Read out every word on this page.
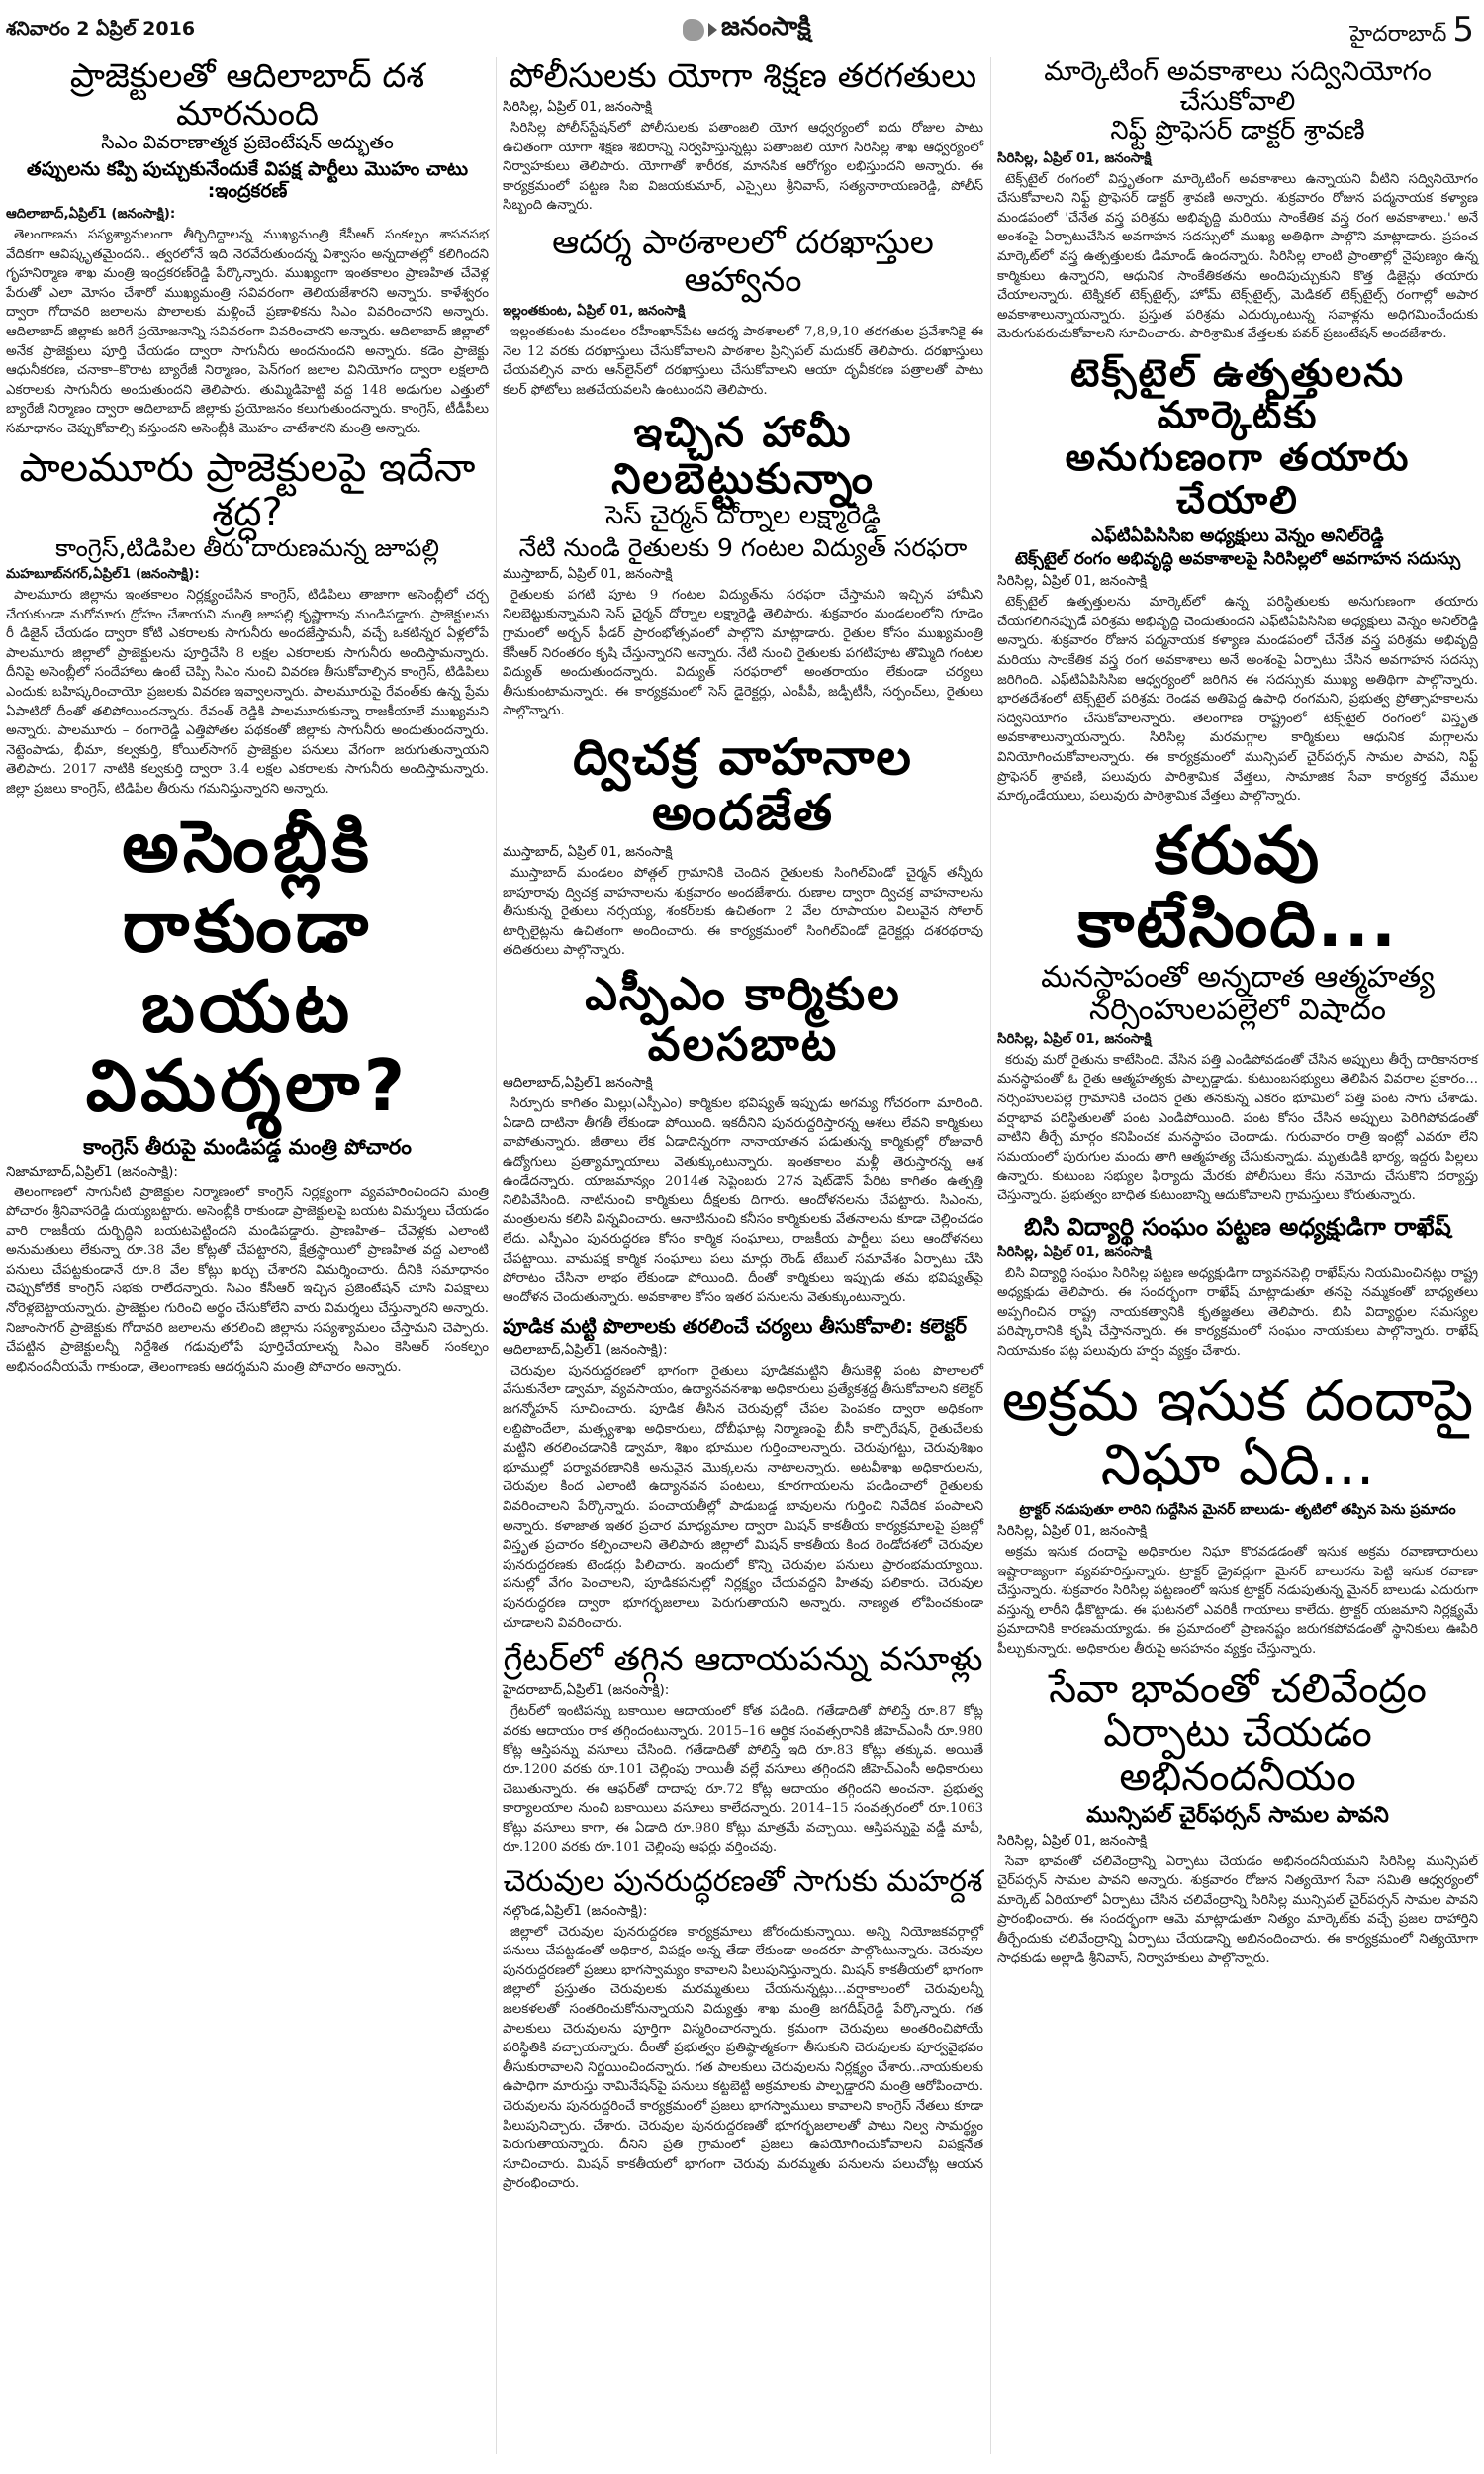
శనివారం 2 ఏప్రిల్ 2016	జనంసాక్షి	హైదరాబాద్ 5
ప్రాజెక్టులతో ఆదిలాబాద్ దశ మారనుంది
సిఎం వివరాణాత్మక ప్రజెంటేషన్ అద్భుతం
తప్పులను కప్పి పుచ్చుకునేందుకే విపక్ష పార్టీలు మొహం చాటు :ఇంద్రకరణ్
ఆదిలాబాద్,ఏప్రిల్1 (జనంసాక్షి):

తెలంగాణను సస్యశ్యామలంగా తీర్చిదిద్దాలన్న ముఖ్యమంత్రి కేసీఆర్ సంకల్పం శాసనసభ వేదికగా ఆవిష్కృతమైందని.. త్వరలోనే ఇది నెరవేరుతుందన్న విశ్వాసం అన్నదాతల్లో కలిగిందని గృహనిర్మాణ శాఖ మంత్రి ఇంద్రకరణ్‌రెడ్డి పేర్కొన్నారు. ముఖ్యంగా ఇంతకాలం ప్రాణహిత చేవెళ్ల పేరుతో ఎలా మోసం చేశారో ముఖ్యమంత్రి సవివరంగా తెలియజేశారని అన్నారు. కాళేశ్వరం ద్వారా గోదావరి జలాలను పొలాలకు మళ్లించే ప్రణాళికను సిఎం వివరించారని అన్నారు. ఆదిలాబాద్ జిల్లాకు జరిగే ప్రయోజనాన్ని సవివరంగా వివరించారని అన్నారు. ఆదిలాబాద్ జిల్లాలో అనేక ప్రాజెక్టులు పూర్తి చేయడం ద్వారా సాగునీరు అందనుందని అన్నారు. కడెం ప్రాజెక్టు ఆధునీకరణ, చనాకా–కొరాట బ్యారేజీ నిర్మాణం, పెన్‌గంగ జలాల వినియోగం ద్వారా లక్షలాది ఎకరాలకు సాగునీరు అందుతుందని తెలిపారు. తుమ్మిడిహెట్టి వద్ద 148 అడుగుల ఎత్తులో బ్యారేజీ నిర్మాణం ద్వారా ఆదిలాబాద్ జిల్లాకు ప్రయోజనం కలుగుతుందన్నారు. కాంగ్రెస్, టీడీపీలు సమాధానం చెప్పుకోవాల్సి వస్తుందని అసెంబ్లీకి మొహం చాటేశారని మంత్రి అన్నారు.

పాలమూరు ప్రాజెక్టులపై ఇదేనా శ్రద్ధ?
కాంగ్రెస్,టిడిపిల తీరు దారుణమన్న జూపల్లి
మహబూబ్‌నగర్,ఏప్రిల్1 (జనంసాక్షి):

పాలమూరు జిల్లాను ఇంతకాలం నిర్లక్ష్యంచేసిన కాంగ్రెస్, టిడిపిలు తాజాగా అసెంబ్లీలో చర్చ చేయకుండా మరోమారు ద్రోహం చేశాయని మంత్రి జూపల్లి కృష్ణారావు మండిపడ్డారు. ప్రాజెక్టులను రీ డిజైన్ చేయడం ద్వారా కోటి ఎకరాలకు సాగునీరు అందజేస్తామనీ, వచ్చే ఒకటిన్నర ఏళ్లలోపే పాలమూరు జిల్లాలో ప్రాజెక్టులను పూర్తిచేసి 8 లక్షల ఎకరాలకు సాగునీరు అందిస్తామన్నారు. దీనిపై అసెంబ్లీలో సందేహాలు ఉంటే చెప్పి సిఎం నుంచి వివరణ తీసుకోవాల్సిన కాంగ్రెస్, టిడిపిలు ఎందుకు బహిష్కరించాయో ప్రజలకు వివరణ ఇవ్వాలన్నారు. పాలమూరుపై రేవంత్‌కు ఉన్న ప్రేమ ఏపాటిదో దీంతో తలిపోయిందన్నారు. రేవంత్ రెడ్డికి పాలమూరుకున్నా రాజకీయాలే ముఖ్యమని అన్నారు. పాలమూరు – రంగారెడ్డి ఎత్తిపోతల పథకంతో జిల్లాకు సాగునీరు అందుతుందన్నారు. నెట్టెంపాడు, భీమా, కల్వకుర్తి, కోయిల్‌సాగర్ ప్రాజెక్టుల పనులు వేగంగా జరుగుతున్నాయని తెలిపారు. 2017 నాటికి కల్వకుర్తి ద్వారా 3.4 లక్షల ఎకరాలకు సాగునీరు అందిస్తామన్నారు. జిల్లా ప్రజలు కాంగ్రెస్, టిడిపిల తీరును గమనిస్తున్నారని అన్నారు.

అసెంబ్లీకి రాకుండా
బయట విమర్శలా?
కాంగ్రెస్ తీరుపై మండిపడ్డ మంత్రి పోచారం
నిజామాబాద్,ఏప్రిల్1 (జనంసాక్షి):

తెలంగాణలో సాగునీటి ప్రాజెక్టుల నిర్మాణంలో కాంగ్రెస్ నిర్లక్ష్యంగా వ్యవహరించిందని మంత్రి పోచారం శ్రీనివాసరెడ్డి దుయ్యబట్టారు. అసెంబ్లీకి రాకుండా ప్రాజెక్టులపై బయట విమర్శలు చేయడం వారి రాజకీయ దుర్బిద్ధిని బయటపెట్టిందని మండిపడ్డారు. ప్రాణహిత– చేవెళ్లకు ఎలాంటి అనుమతులు లేకున్నా రూ.38 వేల కోట్లతో చేపట్టారని, క్షేత్రస్థాయిలో ప్రాణహిత వద్ద ఎలాంటి పనులు చేపట్టకుండానే రూ.8 వేల కోట్లు ఖర్చు చేశారని విమర్శించారు. దీనికి సమాధానం చెప్పుకోలేకే కాంగ్రెస్ సభకు రాలేదన్నారు. సిఎం కేసీఆర్ ఇచ్చిన ప్రజెంటేషన్ చూసి విపక్షాలు నోరెళ్లబెట్టాయన్నారు. ప్రాజెక్టుల గురించి అర్థం చేసుకోలేని వారు విమర్శలు చేస్తున్నారని అన్నారు. నిజాంసాగర్ ప్రాజెక్టుకు గోదావరి జలాలను తరలించి జిల్లాను సస్యశ్యామలం చేస్తామని చెప్పారు. చేపట్టిన ప్రాజెక్టులన్నీ నిర్దేశిత గడువులోపే పూర్తిచేయాలన్న సిఎం కెసిఆర్ సంకల్పం అభినందనీయమే గాకుండా, తెలంగాణకు ఆదర్శమని మంత్రి పోచారం అన్నారు.

పోలీసులకు యోగా శిక్షణ తరగతులు
సిరిసిల్ల, ఏప్రిల్ 01, జనంసాక్షి

సిరిసిల్ల పోలీస్‌స్టేషన్‌లో పోలీసులకు పతాంజలి యోగ ఆధ్వర్యంలో ఐదు రోజుల పాటు ఉచితంగా యోగా శిక్షణ శిబిరాన్ని నిర్వహిస్తున్నట్లు పతాంజలి యోగ సిరిసిల్ల శాఖ ఆధ్వర్యంలో నిర్వాహకులు తెలిపారు. యోగాతో శారీరక, మానసిక ఆరోగ్యం లభిస్తుందని అన్నారు. ఈ కార్యక్రమంలో పట్టణ సిఐ విజయకుమార్, ఎస్సైలు శ్రీనివాస్, సత్యనారాయణరెడ్డి, పోలీస్ సిబ్బంది ఉన్నారు.

ఆదర్శ పాఠశాలలో దరఖాస్తుల ఆహ్వానం
ఇల్లంతకుంట, ఏప్రిల్ 01, జనంసాక్షి

ఇల్లంతకుంట మండలం రహీంఖాన్‌పేట ఆదర్శ పాఠశాలలో 7,8,9,10 తరగతుల ప్రవేశానికై ఈ నెల 12 వరకు దరఖాస్తులు చేసుకోవాలని పాఠశాల ప్రిన్సిపల్ మదుకర్ తెలిపారు. దరఖాస్తులు చేయవల్సిన వారు ఆన్‌లైన్‌లో దరఖాస్తులు చేసుకోవాలని ఆయా దృవీకరణ పత్రాలతో పాటు కలర్ ఫోటోలు జతచేయవలసి ఉంటుందని తెలిపారు.

ఇచ్చిన హామీ నిలబెట్టుకున్నాం
సెస్ చైర్మన్ దోర్నాల లక్ష్మారెడ్డి
నేటి నుండి రైతులకు 9 గంటల విద్యుత్ సరఫరా
ముస్తాబాద్, ఏప్రిల్ 01, జనంసాక్షి

రైతులకు పగటి పూట 9 గంటల విద్యుత్‌ను సరఫరా చేస్తామని ఇచ్చిన హామీని నిలబెట్టుకున్నామని సెస్ చైర్మన్ దోర్నాల లక్ష్మారెడ్డి తెలిపారు. శుక్రవారం మండలంలోని గూడెం గ్రామంలో అర్బన్ ఫీడర్ ప్రారంభోత్సవంలో పాల్గొని మాట్లాడారు. రైతుల కోసం ముఖ్యమంత్రి కేసీఆర్ నిరంతరం కృషి చేస్తున్నారని అన్నారు. నేటి నుంచి రైతులకు పగటిపూట తొమ్మిది గంటల విద్యుత్ అందుతుందన్నారు. విద్యుత్ సరఫరాలో అంతరాయం లేకుండా చర్యలు తీసుకుంటామన్నారు. ఈ కార్యక్రమంలో సెస్ డైరెక్టర్లు, ఎంపీపీ, జడ్పీటీసీ, సర్పంచ్‌లు, రైతులు పాల్గొన్నారు.

ద్విచక్ర వాహనాల అందజేత
ముస్తాబాద్, ఏప్రిల్ 01, జనంసాక్షి

ముస్తాబాద్ మండలం పోత్గల్ గ్రామానికి చెందిన రైతులకు సింగిల్‌విండో చైర్మన్ తన్నీరు బాపూరావు ద్విచక్ర వాహనాలను శుక్రవారం అందజేశారు. రుణాల ద్వారా ద్విచక్ర వాహనాలను తీసుకున్న రైతులు నర్సయ్య, శంకర్‌లకు ఉచితంగా 2 వేల రూపాయల విలువైన సోలార్ టార్చిలైట్లను ఉచితంగా అందించారు. ఈ కార్యక్రమంలో సింగిల్‌విండో డైరెక్టర్లు దశరథరావు తదితరులు పాల్గొన్నారు.

ఎస్పీఎం కార్మికుల వలసబాట
ఆదిలాబాద్,ఏప్రిల్1 జనంసాక్షి

సిర్పూరు కాగితం మిల్లు(ఎస్పీఎం) కార్మికుల భవిష్యత్ ఇప్పుడు అగమ్య గోచరంగా మారింది. ఏడాది దాటినా తీగతీ లేకుండా పోయింది. ఇకదీనిని పునరుద్దరిస్తారన్న ఆశలు లేవని కార్మికులు వాపోతున్నారు. జీతాలు లేక ఏడాదిన్నరగా నానాయాతన పడుతున్న కార్మికుల్లో రోజువారీ ఉద్యోగులు ప్రత్యామ్నాయాలు వెతుక్కుంటున్నారు. ఇంతకాలం మళ్లీ తెరుస్తారన్న ఆశ ఉండేదన్నారు. యాజమాన్యం 2014త సెప్టెంబరు 27న షెట్‌డౌన్ పేరిట కాగితం ఉత్పత్తి నిలిపివేసింది. నాటినుంచి కార్మికులు దీక్షలకు దిగారు. ఆందోళనలను చేపట్టారు. సిఎంను, మంత్రులను కలిసి విన్నవించారు. ఆనాటినుంచి కనీసం కార్మికులకు వేతనాలను కూడా చెల్లించడం లేదు. ఎస్పీఎం పునరుద్ధరణ కోసం కార్మిక సంఘాలు, రాజకీయ పార్టీలు పలు ఆందోళనలు చేపట్టాయి. వామపక్ష కార్మిక సంఘాలు పలు మార్లు రౌండ్ టేబుల్ సమావేశం ఏర్పాటు చేసి పోరాటం చేసినా లాభం లేకుండా పోయింది. దీంతో కార్మికులు ఇప్పుడు తమ భవిష్యత్‌పై ఆందోళన చెందుతున్నారు. అవకాశాల కోసం ఇతర పనులను వెతుక్కుంటున్నారు.

పూడిక మట్టి పొలాలకు తరలించే చర్యలు తీసుకోవాలి: కలెక్టర్
ఆదిలాబాద్,ఏప్రిల్1 (జనంసాక్షి):

చెరువుల పునరుద్దరణలో భాగంగా రైతులు పూడికమట్టిని తీసుకెళ్లి పంట పొలాలలో వేసుకునేలా డ్వామా, వ్యవసాయం, ఉద్యానవనశాఖ అధికారులు ప్రత్యేకశ్రద్ద తీసుకోవాలని కలెక్టర్ జగన్మోహన్ సూచించారు. పూడిక తీసిన చెరువుల్లో చేపల పెంపకం ద్వారా అధికంగా లబ్దిపొందేలా, మత్స్యశాఖ అధికారులు, దోబీఘాట్ల నిర్మాణంపై బీసీ కార్పొరేషన్, రైతుచేలకు మట్టిని తరలించడానికి డ్వామా, శిఖం భూముల గుర్తించాలన్నారు. చెరువుగట్టు, చెరువుశిఖం భూముల్లో పర్యావరణానికి అనువైన మొక్కలను నాటాలన్నారు. అటవీశాఖ అధికారులను, చెరువుల కింద ఎలాంటి ఉద్యానవన పంటలు, కూరగాయలను పండించాలో రైతులకు వివరించాలని పేర్కొన్నారు. పంచాయతీల్లో పాడుబడ్డ బావులను గుర్తించి నివేదిక పంపాలని అన్నారు. కళాజాత ఇతర ప్రచార మాధ్యమాల ద్వారా మిషన్ కాకతీయ కార్యక్రమాలపై ప్రజల్లో విస్తృత ప్రచారం కల్పించాలని తెలిపారు జిల్లాలో మిషన్ కాకతీయ కింద రెండోదశలో చెరువుల పునరుద్దరణకు టెండర్లు పిలిచారు. ఇందులో కొన్ని చెరువుల పనులు ప్రారంభమయ్యాయి. పనుల్లో వేగం పెంచాలని, పూడికపనుల్లో నిర్లక్ష్యం చేయవద్దని హితవు పలికారు. చెరువుల పునరుద్ధరణ ద్వారా భూగర్భజలాలు పెరుగుతాయని అన్నారు. నాణ్యత లోపించకుండా చూడాలని వివరించారు.

గ్రేటర్‌లో తగ్గిన ఆదాయపన్ను వసూళ్లు
హైదరాబాద్,ఏప్రిల్1 (జనంసాక్షి):

గ్రేటర్‌లో ఇంటిపన్ను బకాయిల ఆదాయంలో కోత పడింది. గతేడాదితో పోలిస్తే రూ.87 కోట్ల వరకు ఆదాయం రాక తగ్గిందంటున్నారు. 2015–16 ఆర్థిక సంవత్సరానికి జీహెచ్‌ఎంసీ రూ.980 కోట్ల ఆస్తిపన్ను వసూలు చేసింది. గతేడాదితో పోలిస్తే ఇది రూ.83 కోట్లు తక్కువ. అయితే రూ.1200 వరకు రూ.101 చెల్లింపు రాయితీ వల్లే వసూలు తగ్గిందని జీహెచ్‌ఎంసీ అధికారులు చెబుతున్నారు. ఈ ఆఫర్‌తో దాదాపు రూ.72 కోట్ల ఆదాయం తగ్గిందని అంచనా. ప్రభుత్వ కార్యాలయాల నుంచి బకాయిలు వసూలు కాలేదన్నారు. 2014–15 సంవత్సరంలో రూ.1063 కోట్లు వసూలు కాగా, ఈ ఏడాది రూ.980 కోట్లు మాత్రమే వచ్చాయి. ఆస్తిపన్నుపై వడ్డీ మాఫీ, రూ.1200 వరకు రూ.101 చెల్లింపు ఆఫర్లు వర్తించవు.

చెరువుల పునరుద్ధరణతో సాగుకు మహర్దశ
నల్గొండ,ఏప్రిల్1 (జనంసాక్షి):

జిల్లాలో చెరువుల పునరుద్దరణ కార్యక్రమాలు జోరందుకున్నాయి. అన్ని నియోజకవర్గాల్లో పనులు చేపట్టడంతో అధికార, విపక్షం అన్న తేడా లేకుండా అందరూ పాల్గొంటున్నారు. చెరువుల పునరుద్దరణలో ప్రజలు భాగస్వామ్యం కావాలని పిలుపునిస్తున్నారు. మిషన్ కాకతీయలో భాగంగా జిల్లాలో ప్రస్తుతం చెరువులకు మరమ్మతులు చేయనున్నట్లు...వర్షాకాలంలో చెరువులన్నీ జలకళలతో సంతరించుకోనున్నాయని విద్యుత్తు శాఖ మంత్రి జగదీష్‌రెడ్డి పేర్కొన్నారు. గత పాలకులు చెరువులను పూర్తిగా విస్మరించారన్నారు. క్రమంగా చెరువులు అంతరించిపోయే పరిస్థితికి వచ్చాయన్నారు. దీంతో ప్రభుత్వం ప్రతిష్ఠాత్మకంగా తీసుకుని చెరువులకు పూర్వవైభవం తీసుకురావాలని నిర్ణయించిందన్నారు. గత పాలకులు చెరువులను నిర్లక్ష్యం చేశారు..నాయకులకు ఉపాధిగా మారుస్తు నామినేషన్‌పై పనులు కట్టబెట్టి అక్రమాలకు పాల్పడ్డారని మంత్రి ఆరోపించారు. చెరువులను పునరుద్దరించే కార్యక్రమంలో ప్రజలు భాగస్వాములు కావాలని కాంగ్రెస్ నేతలు కూడా పిలుపునిచ్చారు. చేశారు. చెరువుల పునరుద్దరణతో భూగర్భజలాలతో పాటు నిల్వ సామర్థ్యం పెరుగుతాయన్నారు. దీనిని ప్రతి గ్రామంలో ప్రజలు ఉపయోగించుకోవాలని విపక్షనేత సూచించారు. మిషన్ కాకతీయలో భాగంగా చెరువు మరమ్మతు పనులను పలుచోట్ల ఆయన ప్రారంభించారు.

మార్కెటింగ్ అవకాశాలు సద్వినియోగం చేసుకోవాలి
నిఫ్ట్ ప్రొఫెసర్ డాక్టర్ శ్రావణి
సిరిసిల్ల, ఏప్రిల్ 01, జనంసాక్షి

టెక్స్‌టైల్ రంగంలో విస్తృతంగా మార్కెటింగ్ అవకాశాలు ఉన్నాయని వీటిని సద్వినియోగం చేసుకోవాలని నిఫ్ట్ ప్రొఫెసర్ డాక్టర్ శ్రావణి అన్నారు. శుక్రవారం రోజున పద్మనాయక కళ్యాణ మండపంలో 'చేనేత వస్త్ర పరిశ్రమ అభివృద్ది మరియు సాంకేతిక వస్త్ర రంగ అవకాశాలు.' అనే అంశంపై ఏర్పాటుచేసిన అవగాహన సదస్సులో ముఖ్య అతిథిగా పాల్గొని మాట్లాడారు. ప్రపంచ మార్కెట్‌లో వస్త్ర ఉత్పత్తులకు డిమాండ్ ఉందన్నారు. సిరిసిల్ల లాంటి ప్రాంతాల్లో నైపుణ్యం ఉన్న కార్మికులు ఉన్నారని, ఆధునిక సాంకేతికతను అందిపుచ్చుకుని కొత్త డిజైన్లు తయారు చేయాలన్నారు. టెక్నికల్ టెక్స్‌టైల్స్, హోమ్ టెక్స్‌టైల్స్, మెడికల్ టెక్స్‌టైల్స్ రంగాల్లో అపార అవకాశాలున్నాయన్నారు. ప్రస్తుత పరిశ్రమ ఎదుర్కుంటున్న సవాళ్లను అధిగమించేందుకు మెరుగుపరుచుకోవాలని సూచించారు. పారిశ్రామిక వేత్తలకు పవర్ ప్రజంటేషన్ అందజేశారు.

టెక్స్‌టైల్ ఉత్పత్తులను మార్కెట్‌కు
అనుగుణంగా తయారు చేయాలి
ఎఫ్‌టిఏపిసిసిఐ అధ్యక్షులు వెన్నం అనిల్‌రెడ్డి
టెక్స్‌టైల్ రంగం అభివృద్ధి అవకాశాలపై సిరిసిల్లలో అవగాహన సదుస్సు
సిరిసిల్ల, ఏప్రిల్ 01, జనంసాక్షి

టెక్స్‌టైల్ ఉత్పత్తులను మార్కెట్‌లో ఉన్న పరిస్థితులకు అనుగుణంగా తయారు చేయగలిగినప్పుడే పరిశ్రమ అభివృద్ది చెందుతుందని ఎఫ్‌టిఏపిసిసిఐ అధ్యక్షులు వెన్నం అనిల్‌రెడ్డి అన్నారు. శుక్రవారం రోజున పద్మనాయక కళ్యాణ మండపంలో చేనేత వస్త్ర పరిశ్రమ అభివృద్ది మరియు సాంకేతిక వస్త్ర రంగ అవకాశాలు అనే అంశంపై ఏర్పాటు చేసిన అవగాహన సదస్సు జరిగింది. ఎఫ్‌టిఏపిసిసిఐ ఆధ్వర్యంలో జరిగిన ఈ సదస్సుకు ముఖ్య అతిథిగా పాల్గొన్నారు. భారతదేశంలో టెక్స్‌టైల్ పరిశ్రమ రెండవ అతిపెద్ద ఉపాధి రంగమని, ప్రభుత్వ ప్రోత్సాహకాలను సద్వినియోగం చేసుకోవాలన్నారు. తెలంగాణ రాష్ట్రంలో టెక్స్‌టైల్ రంగంలో విస్తృత అవకాశాలున్నాయన్నారు. సిరిసిల్ల మరమగ్గాల కార్మికులు ఆధునిక మగ్గాలను వినియోగించుకోవాలన్నారు. ఈ కార్యక్రమంలో మున్సిపల్ చైర్‌పర్సన్ సామల పావని, నిఫ్ట్ ప్రొఫెసర్ శ్రావణి, పలువురు పారిశ్రామిక వేత్తలు, సామాజిక సేవా కార్యకర్త వేముల మార్కండేయులు, పలువురు పారిశ్రామిక వేత్తలు పాల్గొన్నారు.

కరువు కాటేసింది...
మనస్థాపంతో అన్నదాత ఆత్మహత్య
నర్సింహులపల్లెలో విషాదం
సిరిసిల్ల, ఏప్రిల్ 01, జనంసాక్షి

కరువు మరో రైతును కాటేసింది. వేసిన పత్తి ఎండిపోవడంతో చేసిన అప్పులు తీర్చే దారికానరాక మనస్థాపంతో ఓ రైతు ఆత్మహత్యకు పాల్పడ్డాడు. కుటుంబసభ్యులు తెలిపిన వివరాల ప్రకారం... నర్సింహులపల్లె గ్రామానికి చెందిన రైతు తనకున్న ఎకరం భూమిలో పత్తి పంట సాగు చేశాడు. వర్షాభావ పరిస్థితులతో పంట ఎండిపోయింది. పంట కోసం చేసిన అప్పులు పెరిగిపోవడంతో వాటిని తీర్చే మార్గం కనిపించక మనస్థాపం చెందాడు. గురువారం రాత్రి ఇంట్లో ఎవరూ లేని సమయంలో పురుగుల మందు తాగి ఆత్మహత్య చేసుకున్నాడు. మృతుడికి భార్య, ఇద్దరు పిల్లలు ఉన్నారు. కుటుంబ సభ్యుల ఫిర్యాదు మేరకు పోలీసులు కేసు నమోదు చేసుకొని దర్యాప్తు చేస్తున్నారు. ప్రభుత్వం బాధిత కుటుంబాన్ని ఆదుకోవాలని గ్రామస్తులు కోరుతున్నారు.

బిసి విద్యార్థి సంఘం పట్టణ అధ్యక్షుడిగా రాఖేష్
సిరిసిల్ల, ఏప్రిల్ 01, జనంసాక్షి

బిసి విద్యార్థి సంఘం సిరిసిల్ల పట్టణ అధ్యక్షుడిగా ద్యావనపెల్లి రాఖేష్‌ను నియమించినట్లు రాష్ట్ర అధ్యక్షుడు తెలిపారు. ఈ సందర్భంగా రాఖేష్ మాట్లాడుతూ తనపై నమ్మకంతో బాధ్యతలు అప్పగించిన రాష్ట్ర నాయకత్వానికి కృతజ్ఞతలు తెలిపారు. బిసి విద్యార్థుల సమస్యల పరిష్కారానికి కృషి చేస్తానన్నారు. ఈ కార్యక్రమంలో సంఘం నాయకులు పాల్గొన్నారు. రాఖేష్ నియామకం పట్ల పలువురు హర్షం వ్యక్తం చేశారు.

అక్రమ ఇసుక దందాపై
నిఘా ఏది...
ట్రాక్టర్ నడుపుతూ లారిని గుద్దేసిన మైనర్ బాలుడు- తృటిలో తప్పిన పెను ప్రమాదం
సిరిసిల్ల, ఏప్రిల్ 01, జనంసాక్షి

అక్రమ ఇసుక దందాపై అధికారుల నిఘా కొరవడడంతో ఇసుక అక్రమ రవాణాదారులు ఇష్టారాజ్యంగా వ్యవహరిస్తున్నారు. ట్రాక్టర్ డ్రైవర్లుగా మైనర్ బాలురను పెట్టి ఇసుక రవాణా చేస్తున్నారు. శుక్రవారం సిరిసిల్ల పట్టణంలో ఇసుక ట్రాక్టర్ నడుపుతున్న మైనర్ బాలుడు ఎదురుగా వస్తున్న లారీని ఢీకొట్టాడు. ఈ ఘటనలో ఎవరికీ గాయాలు కాలేదు. ట్రాక్టర్ యజమాని నిర్లక్ష్యమే ప్రమాదానికి కారణమయ్యాడు. ఈ ప్రమాదంలో ప్రాణనష్టం జరుగకపోవడంతో స్థానికులు ఊపిరి పీల్చుకున్నారు. అధికారుల తీరుపై అసహనం వ్యక్తం చేస్తున్నారు.

సేవా భావంతో చలివేంద్రం
ఏర్పాటు చేయడం అభినందనీయం
మున్సిపల్ చైర్‌ఫర్సన్ సామల పావని
సిరిసిల్ల, ఏప్రిల్ 01, జనంసాక్షి

సేవా భావంతో చలివేంద్రాన్ని ఏర్పాటు చేయడం అభినందనీయమని సిరిసిల్ల మున్సిపల్ చైర్‌పర్సన్ సామల పావని అన్నారు. శుక్రవారం రోజున నిత్యయోగ సేవా సమితి ఆధ్వర్యంలో మార్కెట్ ఏరియాలో ఏర్పాటు చేసిన చలివేంద్రాన్ని సిరిసిల్ల మున్సిపల్ చైర్‌పర్సన్ సామల పావని ప్రారంభించారు. ఈ సందర్భంగా ఆమె మాట్లాడుతూ నిత్యం మార్కెట్‌కు వచ్చే ప్రజల దాహార్తిని తీర్చేందుకు చలివేంద్రాన్ని ఏర్పాటు చేయడాన్ని అభినందించారు. ఈ కార్యక్రమంలో నిత్యయోగా సాధకుడు అల్లాడి శ్రీనివాస్, నిర్వాహకులు పాల్గొన్నారు.
